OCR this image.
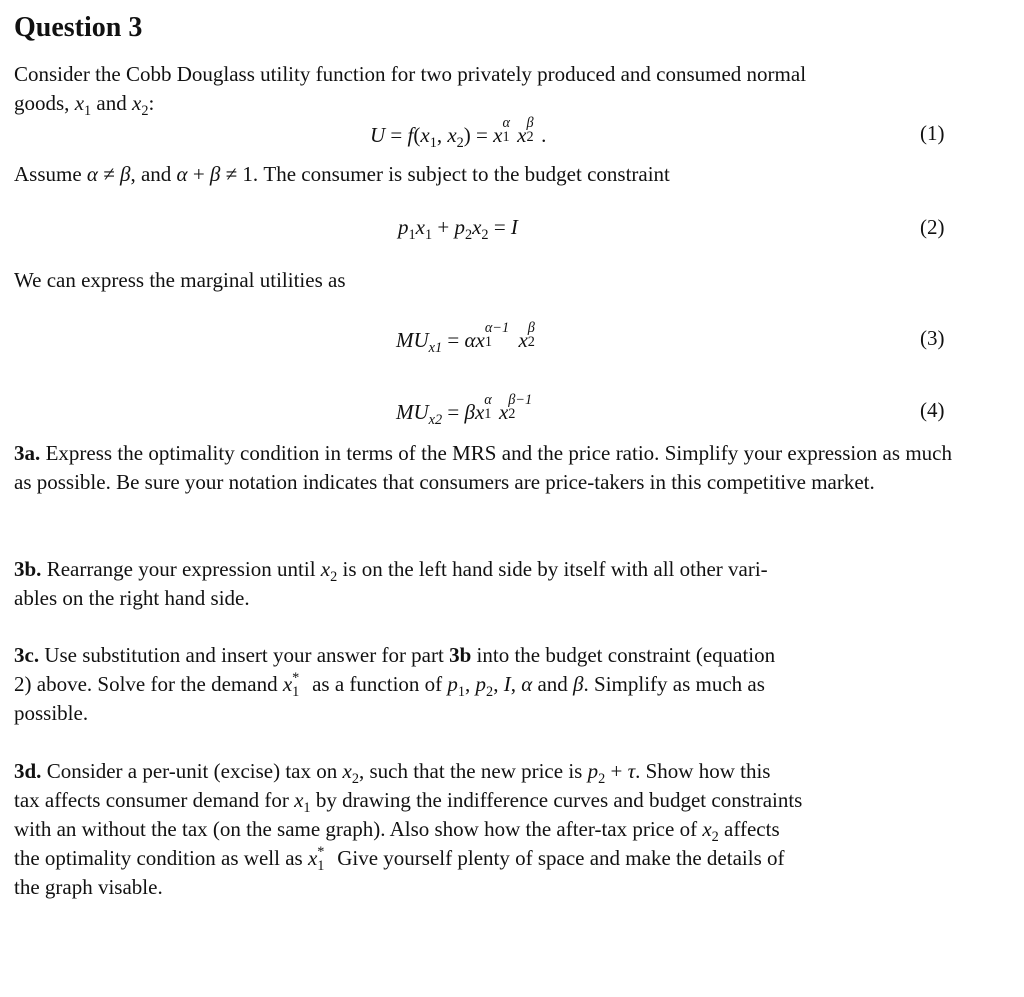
Question 3
Consider the Cobb Douglass utility function for two privately produced and consumed normal
goods, $x_1$ and $x_2$:
$U = f(x_1$, $x_2) = x$
α
1 x
β
2 .	(1)
Assume α ≠ β, and α + β ≠ 1. The consumer is subject to the budget constraint
$p_1x_1 + p_2x_2 = I$	(2)
We can express the marginal utilities as
$MU_{x1} = \alpha x$
α−1
1 x
β
2	(3)
$MU_{x2} = \beta x$
α
1 x
β−1
2	(4)
3a. Express the optimality condition in terms of the MRS and the price ratio. Simplify your expression as much as possible. Be sure your notation indicates that consumers are price-takers in this competitive market.
3b. Rearrange your expression until $x_2$ is on the left hand side by itself with all other vari-
ables on the right hand side.
3c. Use substitution and insert your answer for part 3b into the budget constraint (equation
2) above. Solve for the demand x *
1 as a function of $p_1$, $p_2$, I, α and β. Simplify as much as
possible.
3d. Consider a per-unit (excise) tax on $x_2$, such that the new price is $p_2 + \tau$. Show how this
tax affects consumer demand for $x_1$ by drawing the indifference curves and budget constraints
with an without the tax (on the same graph). Also show how the after-tax price of $x_2$ affects
the optimality condition as well as x *
1 Give yourself plenty of space and make the details of
the graph visable.
